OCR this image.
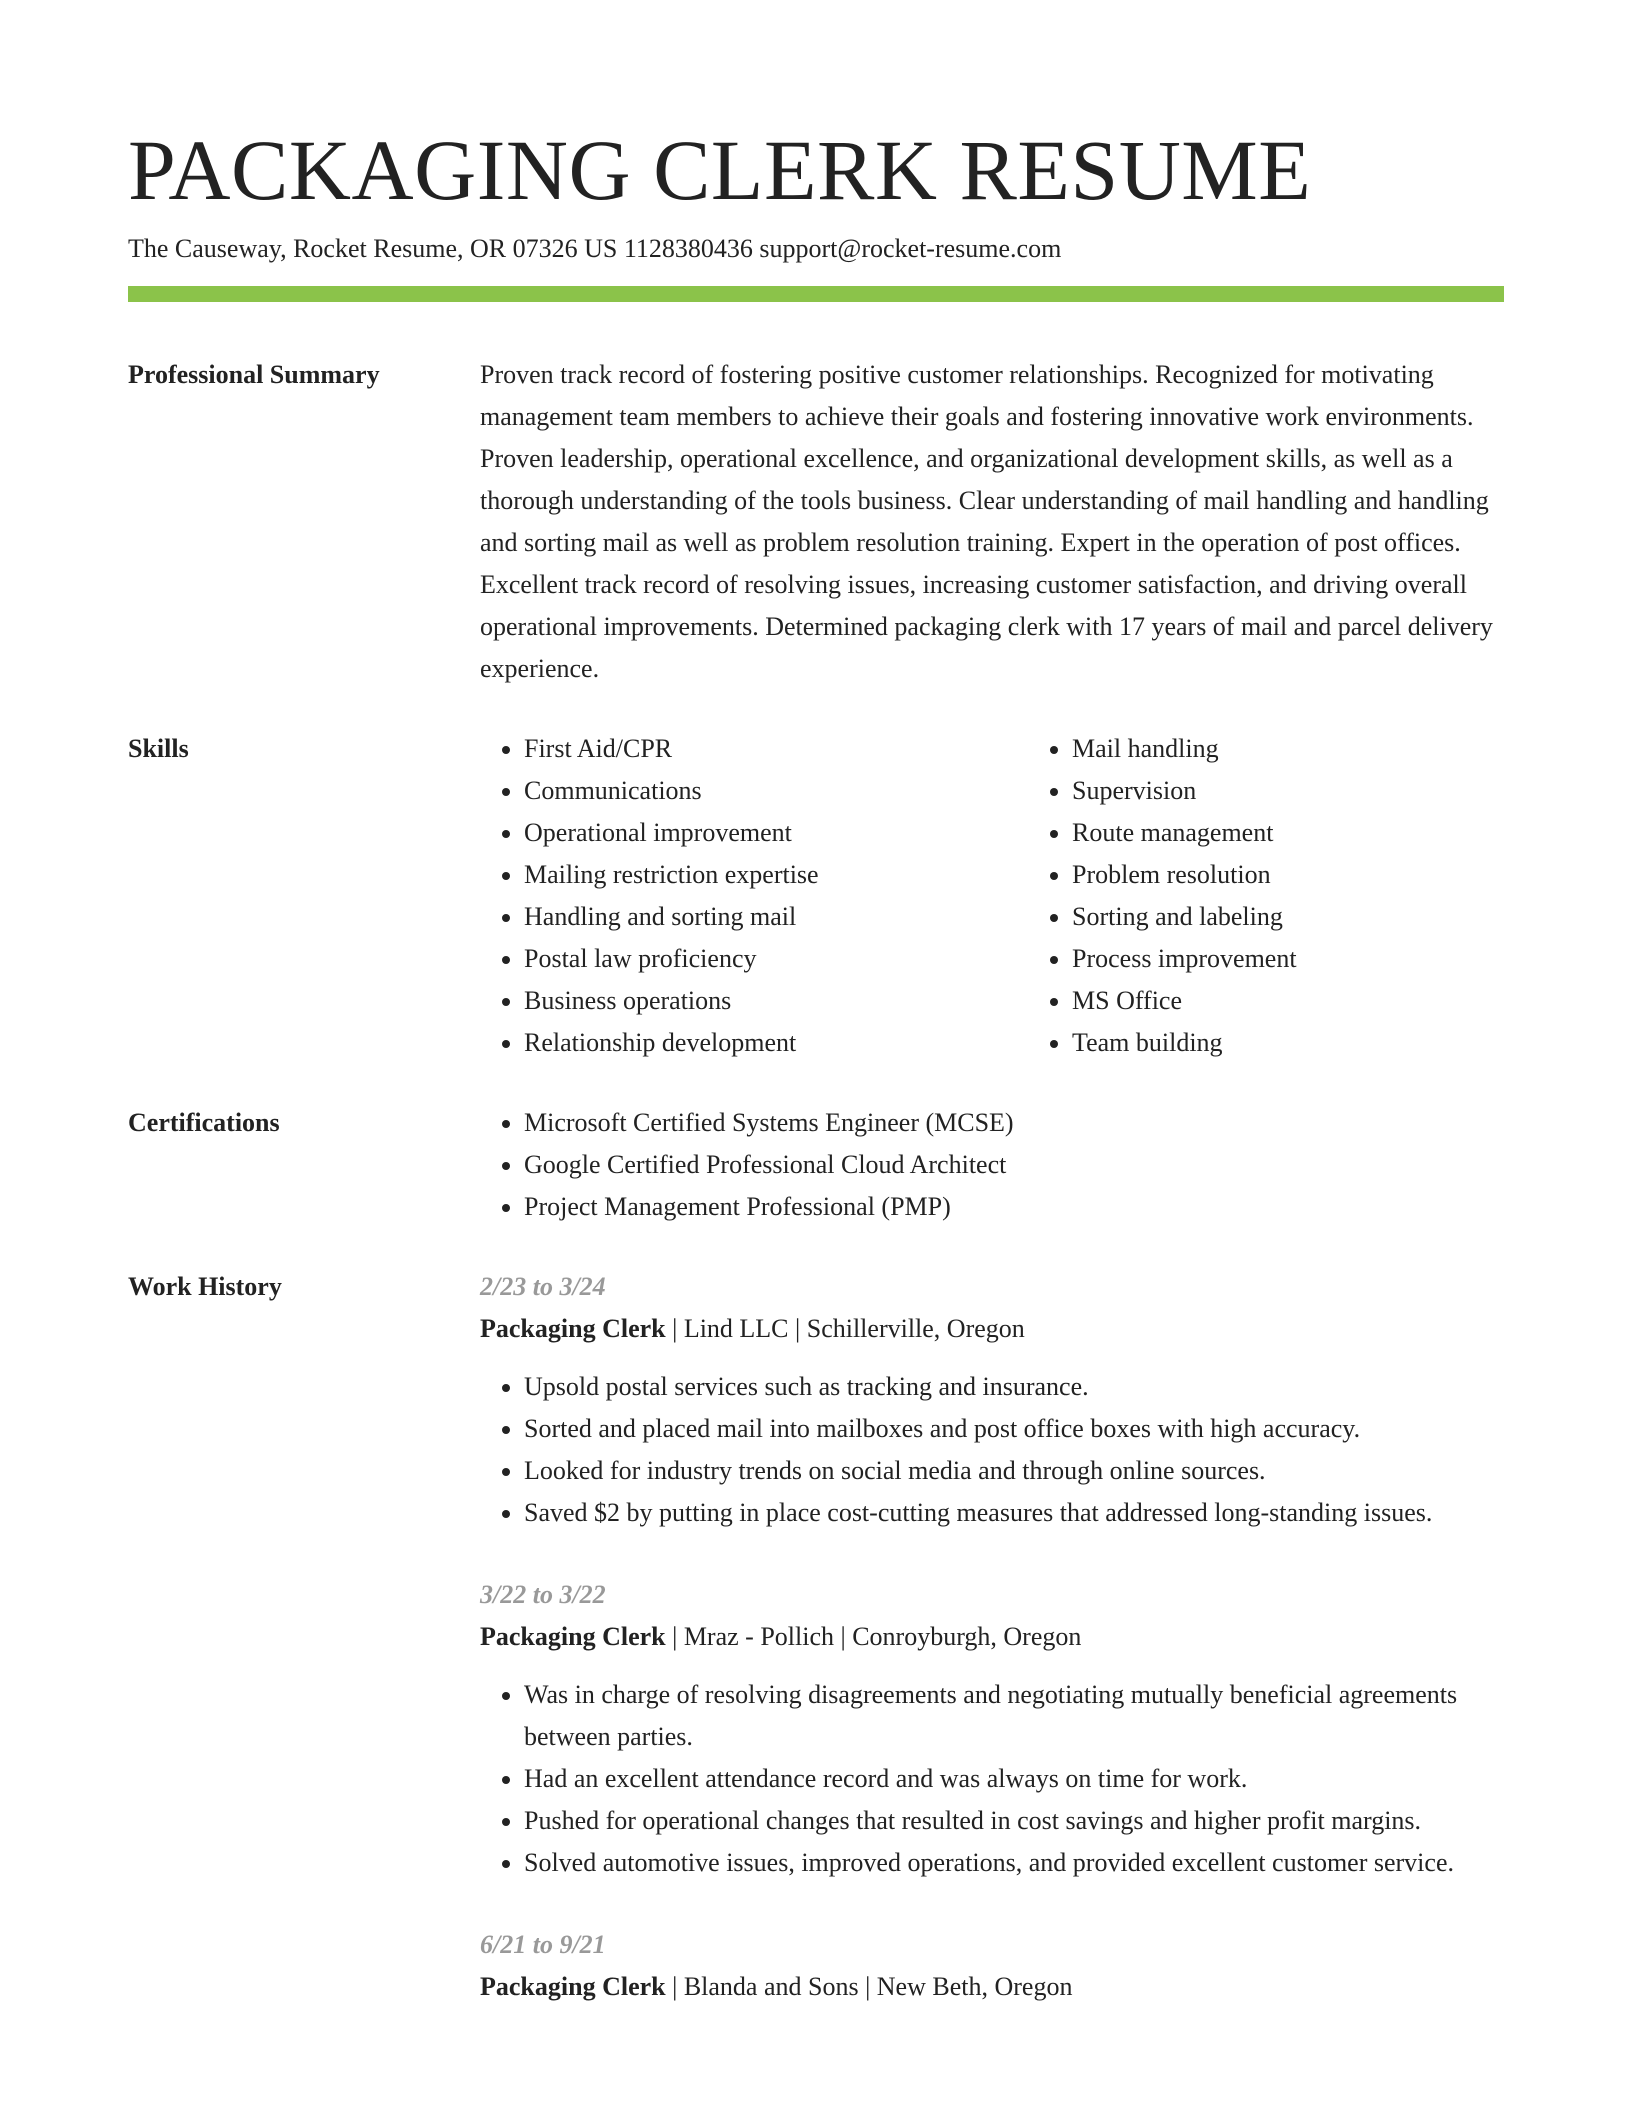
PACKAGING CLERK RESUME
The Causeway, Rocket Resume, OR 07326 US 1128380436 support@rocket-resume.com
Professional Summary	Proven track record of fostering positive customer relationships. Recognized for motivating management team members to achieve their goals and fostering innovative work environments. Proven leadership, operational excellence, and organizational development skills, as well as a thorough understanding of the tools business. Clear understanding of mail handling and handling and sorting mail as well as problem resolution training. Expert in the operation of post offices. Excellent track record of resolving issues, increasing customer satisfaction, and driving overall operational improvements. Determined packaging clerk with 17 years of mail and parcel delivery experience.

Skills	• First Aid/CPR
• Communications
• Operational improvement
• Mailing restriction expertise
• Handling and sorting mail
• Postal law proficiency
• Business operations
• Relationship development
• Mail handling
• Supervision
• Route management
• Problem resolution
• Sorting and labeling
• Process improvement
• MS Office
• Team building
Certifications	• Microsoft Certified Systems Engineer (MCSE)
• Google Certified Professional Cloud Architect
• Project Management Professional (PMP)
Work History	2/23 to 3/24
Packaging Clerk | Lind LLC | Schillerville, Oregon
• Upsold postal services such as tracking and insurance.
• Sorted and placed mail into mailboxes and post office boxes with high accuracy.
• Looked for industry trends on social media and through online sources.
• Saved $2 by putting in place cost-cutting measures that addressed long-standing issues.
3/22 to 3/22
Packaging Clerk | Mraz - Pollich | Conroyburgh, Oregon
• Was in charge of resolving disagreements and negotiating mutually beneficial agreements between parties.
• Had an excellent attendance record and was always on time for work.
• Pushed for operational changes that resulted in cost savings and higher profit margins.
• Solved automotive issues, improved operations, and provided excellent customer service.
6/21 to 9/21
Packaging Clerk | Blanda and Sons | New Beth, Oregon
